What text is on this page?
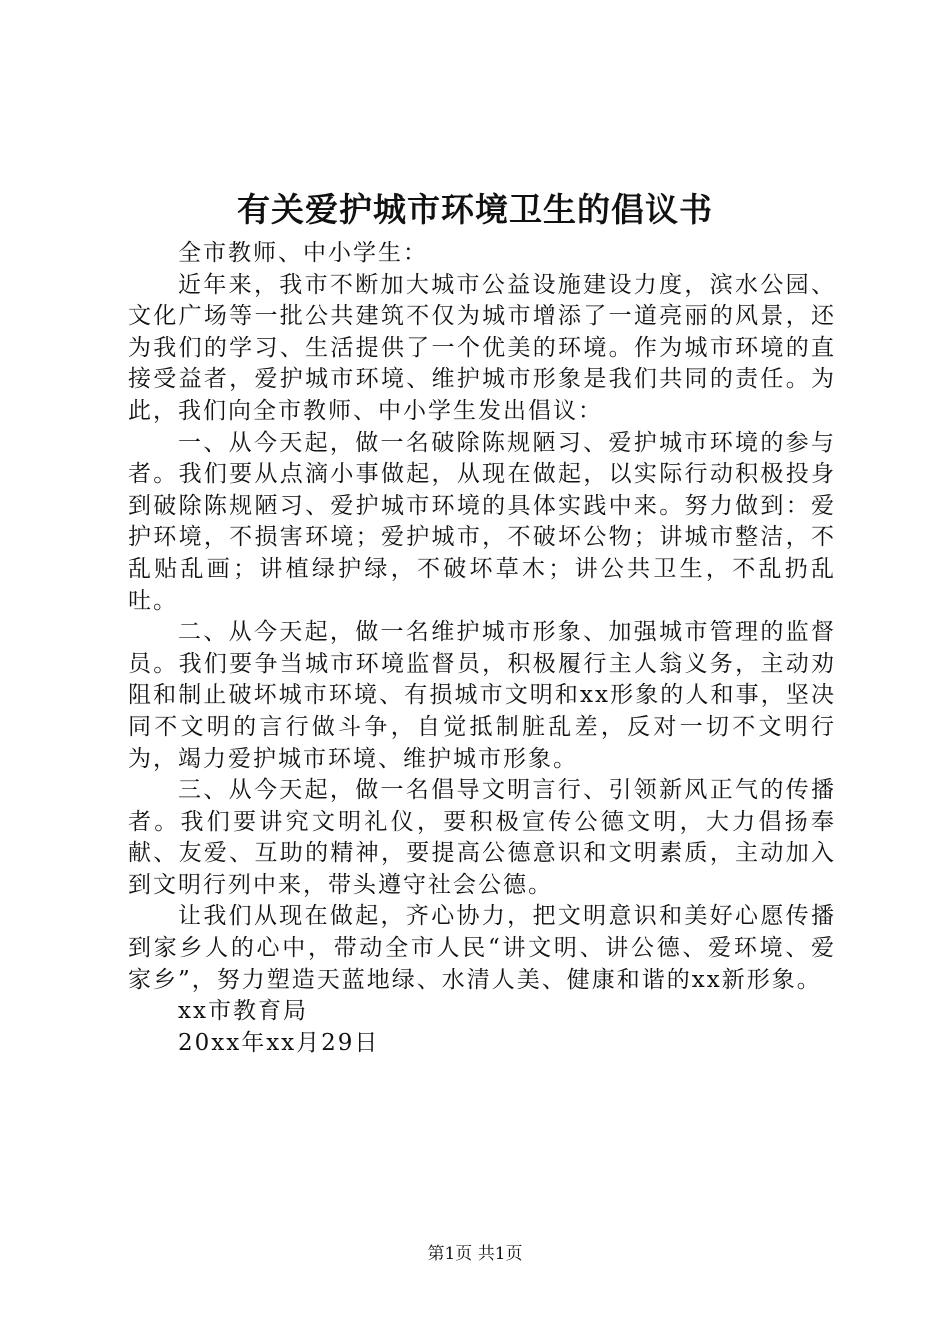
有关爱护城市环境卫生的倡议书

全市教师、中小学生：

近年来，我市不断加大城市公益设施建设力度，滨水公园、文化广场等一批公共建筑不仅为城市增添了一道亮丽的风景，还为我们的学习、生活提供了一个优美的环境。作为城市环境的直接受益者，爱护城市环境、维护城市形象是我们共同的责任。为此，我们向全市教师、中小学生发出倡议：

一、从今天起，做一名破除陈规陋习、爱护城市环境的参与者。我们要从点滴小事做起，从现在做起，以实际行动积极投身到破除陈规陋习、爱护城市环境的具体实践中来。努力做到：爱护环境，不损害环境；爱护城市，不破坏公物；讲城市整洁，不乱贴乱画；讲植绿护绿，不破坏草木；讲公共卫生，不乱扔乱吐。

二、从今天起，做一名维护城市形象、加强城市管理的监督员。我们要争当城市环境监督员，积极履行主人翁义务，主动劝阻和制止破坏城市环境、有损城市文明和xx形象的人和事，坚决同不文明的言行做斗争，自觉抵制脏乱差，反对一切不文明行为，竭力爱护城市环境、维护城市形象。

三、从今天起，做一名倡导文明言行、引领新风正气的传播者。我们要讲究文明礼仪，要积极宣传公德文明，大力倡扬奉献、友爱、互助的精神，要提高公德意识和文明素质，主动加入到文明行列中来，带头遵守社会公德。

让我们从现在做起，齐心协力，把文明意识和美好心愿传播到家乡人的心中，带动全市人民“讲文明、讲公德、爱环境、爱家乡”，努力塑造天蓝地绿、水清人美、健康和谐的xx新形象。

xx市教育局

20xx年xx月29日

第1页 共1页
